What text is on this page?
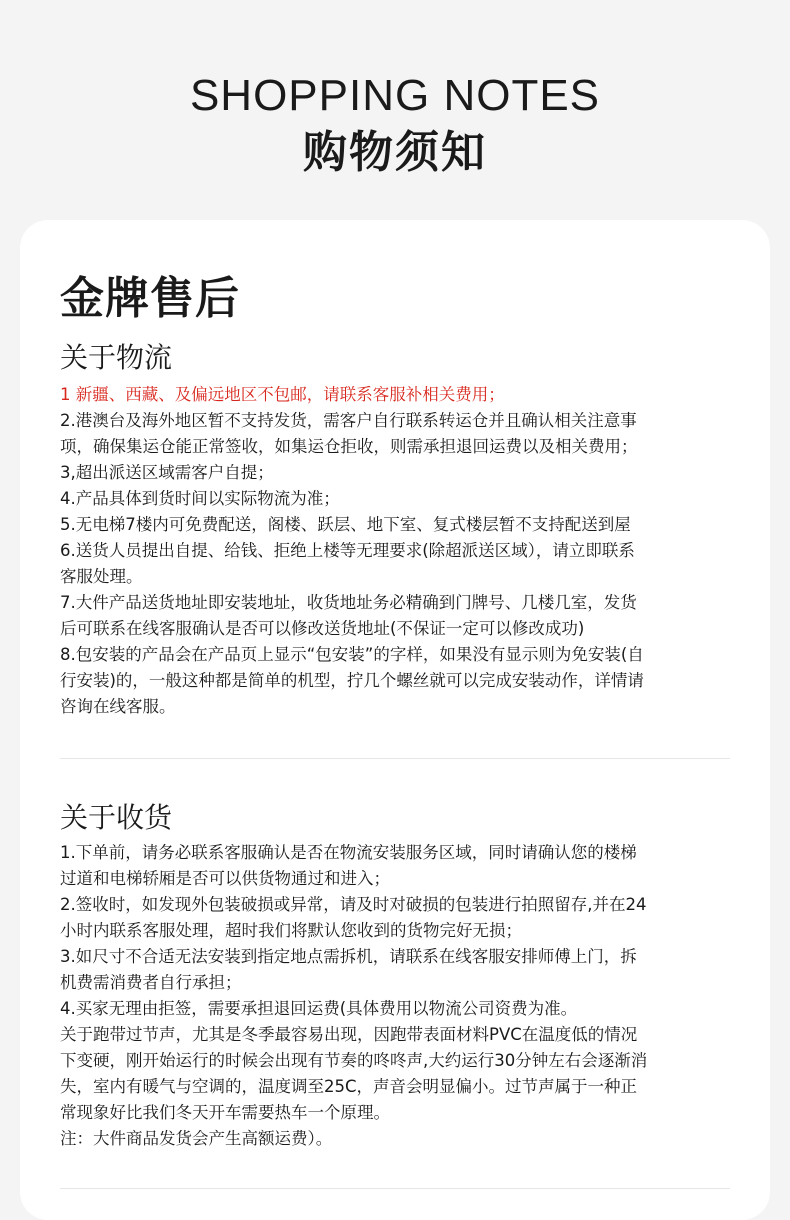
SHOPPING NOTES
购物须知
金牌售后
关于物流
1 新疆、西藏、及偏远地区不包邮，请联系客服补相关费用；
2.港澳台及海外地区暂不支持发货，需客户自行联系转运仓并且确认相关注意事
项，确保集运仓能正常签收，如集运仓拒收，则需承担退回运费以及相关费用；
3,超出派送区域需客户自提；
4.产品具体到货时间以实际物流为准；
5.无电梯7楼内可免费配送，阁楼、跃层、地下室、复式楼层暂不支持配送到屋
6.送货人员提出自提、给钱、拒绝上楼等无理要求(除超派送区域），请立即联系
客服处理。
7.大件产品送货地址即安装地址，收货地址务必精确到门牌号、几楼几室，发货
后可联系在线客服确认是否可以修改送货地址(不保证一定可以修改成功)
8.包安装的产品会在产品页上显示“包安装”的字样，如果没有显示则为免安装(自
行安装)的，一般这种都是简单的机型，拧几个螺丝就可以完成安装动作，详情请
咨询在线客服。
关于收货
1.下单前，请务必联系客服确认是否在物流安装服务区域，同时请确认您的楼梯
过道和电梯轿厢是否可以供货物通过和进入；
2.签收时，如发现外包装破损或异常，请及时对破损的包装进行拍照留存,并在24
小时内联系客服处理，超时我们将默认您收到的货物完好无损；
3.如尺寸不合适无法安装到指定地点需拆机，请联系在线客服安排师傅上门，拆
机费需消费者自行承担；
4.买家无理由拒签，需要承担退回运费(具体费用以物流公司资费为准。
关于跑带过节声，尤其是冬季最容易出现，因跑带表面材料PVC在温度低的情况
下变硬，刚开始运行的时候会出现有节奏的咚咚声,大约运行30分钟左右会逐渐消
失，室内有暖气与空调的，温度调至25C，声音会明显偏小。过节声属于一种正
常现象好比我们冬天开车需要热车一个原理。
注：大件商品发货会产生高额运费）。
